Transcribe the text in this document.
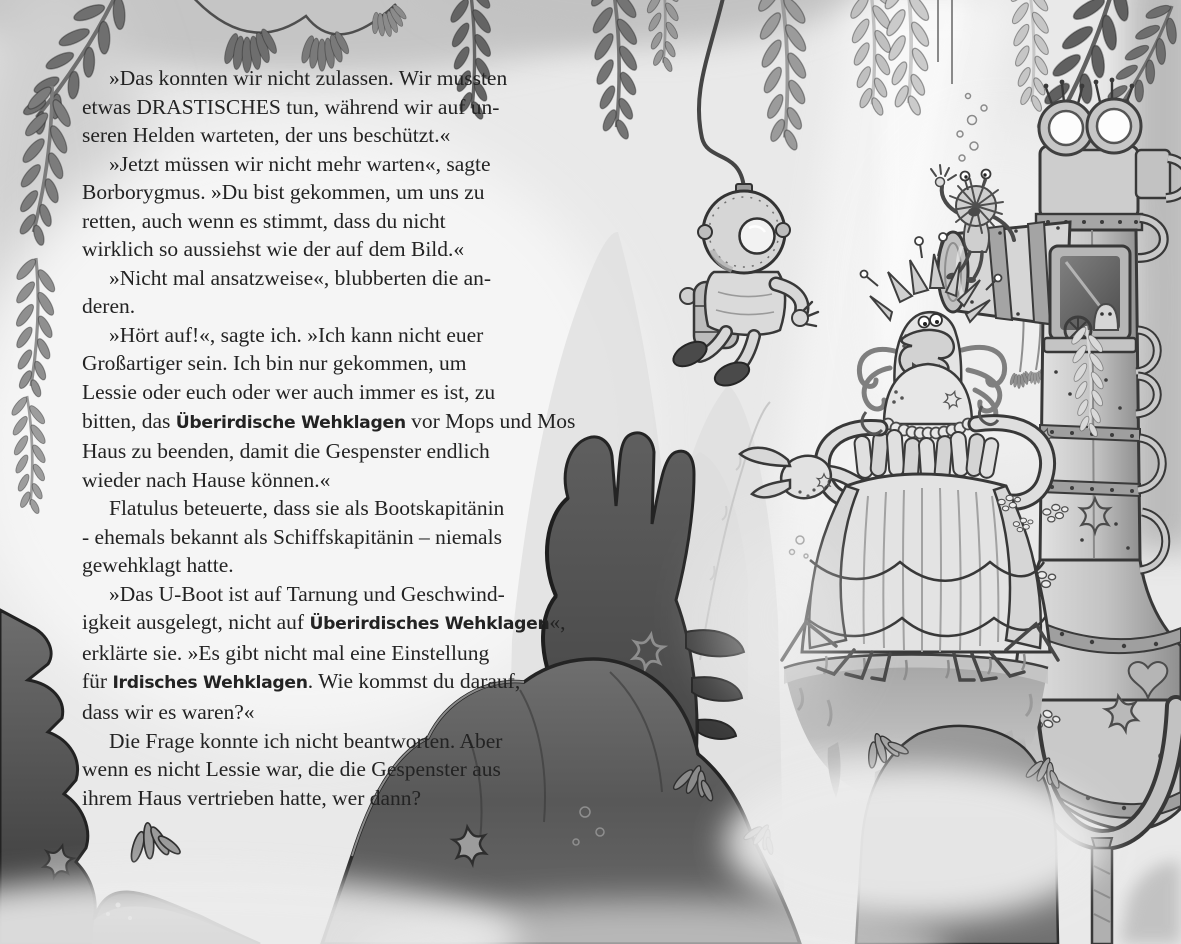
»Das konnten wir nicht zulassen. Wir mussten
etwas DRASTISCHES tun, während wir auf un-
seren Helden warteten, der uns beschützt.«

»Jetzt müssen wir nicht mehr warten«, sagte
Borborygmus. »Du bist gekommen, um uns zu
retten, auch wenn es stimmt, dass du nicht
wirklich so aussiehst wie der auf dem Bild.«

»Nicht mal ansatzweise«, blubberten die an-
deren.

»Hört auf!«, sagte ich. »Ich kann nicht euer
Großartiger sein. Ich bin nur gekommen, um
Lessie oder euch oder wer auch immer es ist, zu
bitten, das Überirdische Wehklagen vor Mops und Mos
Haus zu beenden, damit die Gespenster endlich
wieder nach Hause können.«

Flatulus beteuerte, dass sie als Bootskapitänin
- ehemals bekannt als Schiffskapitänin – niemals
gewehklagt hatte.

»Das U-Boot ist auf Tarnung und Geschwind-
igkeit ausgelegt, nicht auf Überirdisches Wehklagen«,
erklärte sie. »Es gibt nicht mal eine Einstellung
für Irdisches Wehklagen. Wie kommst du darauf,
dass wir es waren?«

Die Frage konnte ich nicht beantworten. Aber
wenn es nicht Lessie war, die die Gespenster aus
ihrem Haus vertrieben hatte, wer dann?
